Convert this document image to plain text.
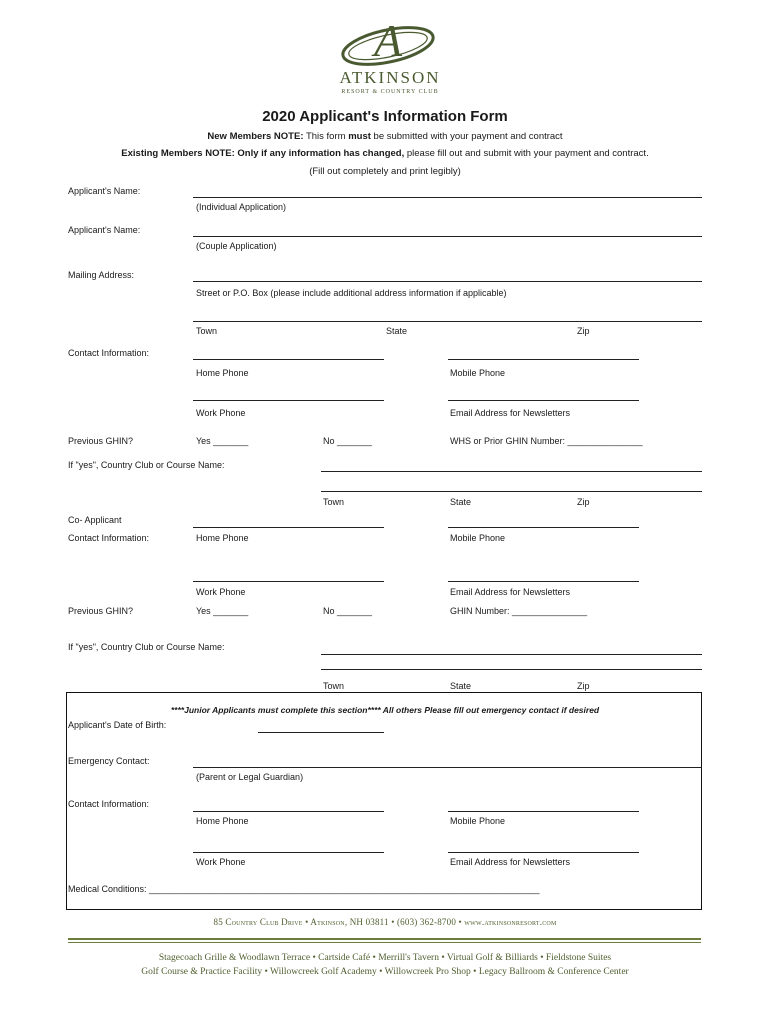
A
ATKINSON
RESORT & COUNTRY CLUB
2020 Applicant's Information Form
New Members NOTE: This form must be submitted with your payment and contract
Existing Members NOTE: Only if any information has changed, please fill out and submit with your payment and contract.
(Fill out completely and print legibly)
Applicant's Name:
(Individual Application)
Applicant's Name:
(Couple Application)
Mailing Address:
Street or P.O. Box (please include additional address information if applicable)
Town	State	Zip
Contact Information:
Home Phone	Mobile Phone
Work Phone	Email Address for Newsletters
Previous GHIN?	Yes _______	No _______	WHS or Prior GHIN Number: _______________
If "yes", Country Club or Course Name:
Town	State	Zip
Co- Applicant
Contact Information:	Home Phone	Mobile Phone
Work Phone	Email Address for Newsletters
Previous GHIN?	Yes _______	No _______	GHIN Number: _______________
If "yes", Country Club or Course Name:
Town	State	Zip
****Junior Applicants must complete this section**** All others Please fill out emergency contact if desired
Applicant's Date of Birth:
Emergency Contact:
(Parent or Legal Guardian)
Contact Information:
Home Phone	Mobile Phone
Work Phone	Email Address for Newsletters
Medical Conditions: ______________________________________________________________________________
85 Country Club Drive • Atkinson, NH 03811 • (603) 362-8700 • www.atkinsonresort.com
Stagecoach Grille & Woodlawn Terrace • Cartside Café • Merrill's Tavern • Virtual Golf & Billiards • Fieldstone Suites
Golf Course & Practice Facility • Willowcreek Golf Academy • Willowcreek Pro Shop • Legacy Ballroom & Conference Center
